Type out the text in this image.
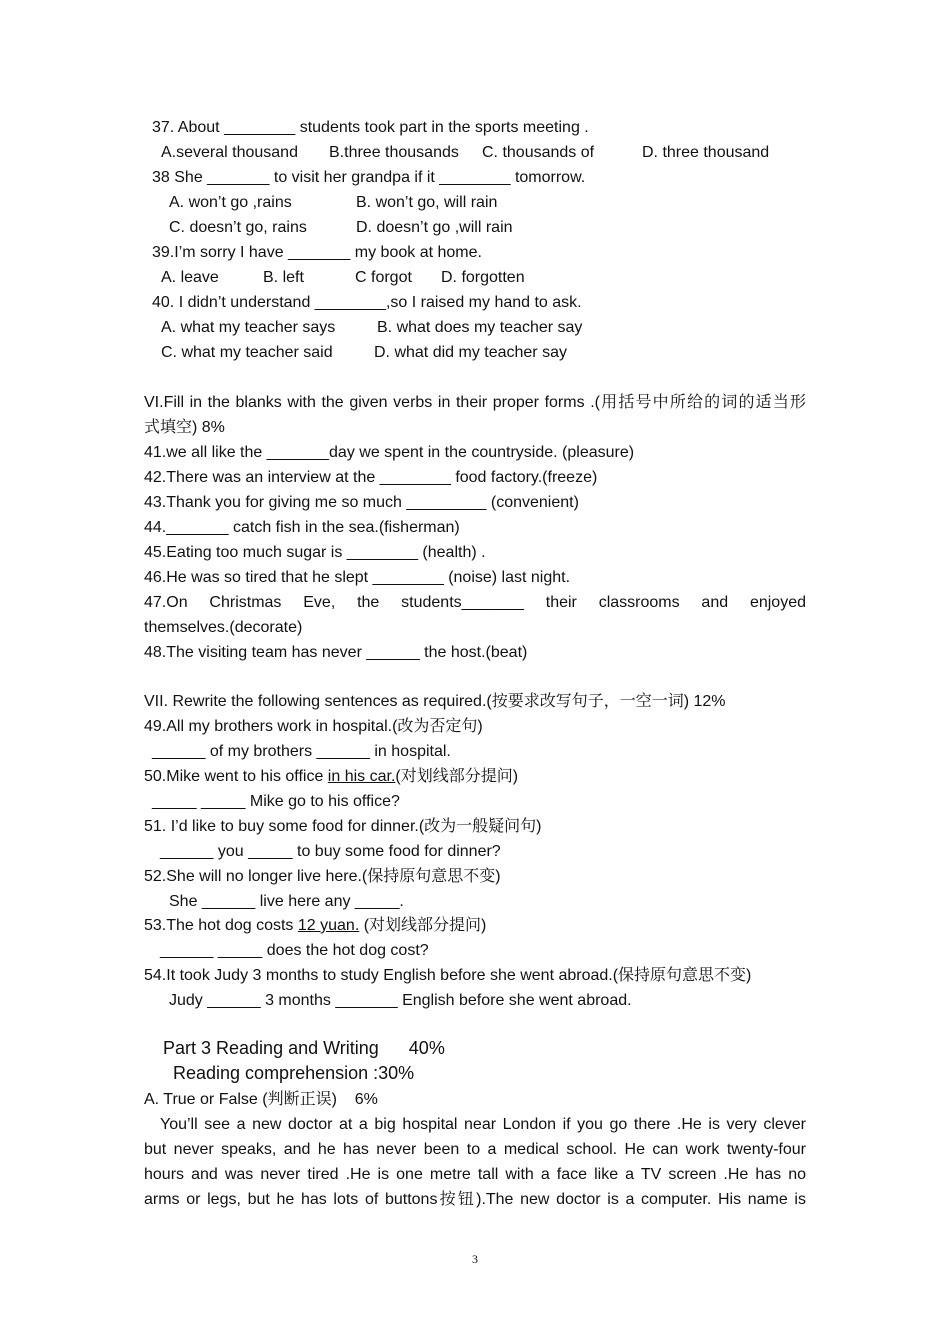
37. About ________ students took part in the sports meeting .
A.several thousand B.three thousands C. thousands of	D. three thousand
38 She _______ to visit her grandpa if it ________ tomorrow.
A. won’t go ,rains	B. won’t go, will rain
C. doesn’t go, rains	D. doesn’t go ,will rain
39.I’m sorry I have _______ my book at home.
A. leave	B. left	C forgot D. forgotten
40. I didn’t understand ________,so I raised my hand to ask.
A. what my teacher says	B. what does my teacher say
C. what my teacher said	D. what did my teacher say
VI.Fill in the blanks with the given verbs in their proper forms .(用括号中所给的词的适当形
式填空) 8%
41.we all like the _______day we spent in the countryside. (pleasure)
42.There was an interview at the ________ food factory.(freeze)
43.Thank you for giving me so much _________ (convenient)
44._______ catch fish in the sea.(fisherman)
45.Eating too much sugar is ________ (health) .
46.He was so tired that he slept ________ (noise) last night.
47.On Christmas Eve, the students_______ their classrooms and enjoyed
themselves.(decorate)
48.The visiting team has never ______ the host.(beat)
VII. Rewrite the following sentences as required.(按要求改写句子，一空一词) 12%
49.All my brothers work in hospital.(改为否定句)
______ of my brothers ______ in hospital.
50.Mike went to his office in his car.(对划线部分提问)
_____ _____ Mike go to his office?
51. I’d like to buy some food for dinner.(改为一般疑问句)
______ you _____ to buy some food for dinner?
52.She will no longer live here.(保持原句意思不变)
She ______ live here any _____.
53.The hot dog costs 12 yuan. (对划线部分提问)
______ _____ does the hot dog cost?
54.It took Judy 3 months to study English before she went abroad.(保持原句意思不变)
Judy ______ 3 months _______ English before she went abroad.
Part 3 Reading and Writing      40%
Reading comprehension :30%
A. True or False (判断正误)    6%
You’ll see a new doctor at a big hospital near London if you go there .He is very clever
but never speaks, and he has never been to a medical school. He can work twenty-four
hours and was never tired .He is one metre tall with a face like a TV screen .He has no
arms or legs, but he has lots of buttons按钮).The new doctor is a computer. His name is
3
